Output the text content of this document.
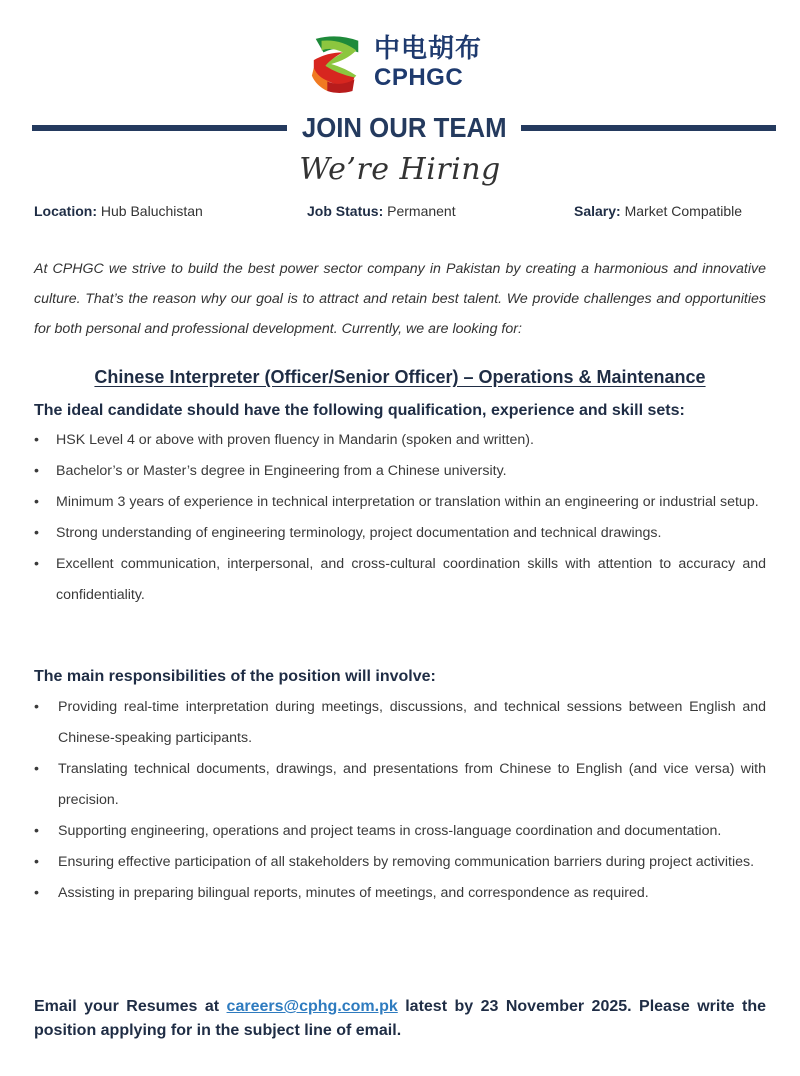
中电胡布
CPHGC
JOIN OUR TEAM
We’re Hiring
Location: Hub Baluchistan	Job Status: Permanent	Salary: Market Compatible

At CPHGC we strive to build the best power sector company in Pakistan by creating a harmonious and innovative culture. That’s the reason why our goal is to attract and retain best talent. We provide challenges and opportunities for both personal and professional development. Currently, we are looking for:

Chinese Interpreter (Officer/Senior Officer) – Operations & Maintenance
The ideal candidate should have the following qualification, experience and skill sets:
• HSK Level 4 or above with proven fluency in Mandarin (spoken and written).
• Bachelor’s or Master’s degree in Engineering from a Chinese university.
• Minimum 3 years of experience in technical interpretation or translation within an engineering or industrial setup.
• Strong understanding of engineering terminology, project documentation and technical drawings.
• Excellent communication, interpersonal, and cross-cultural coordination skills with attention to accuracy and confidentiality.
The main responsibilities of the position will involve:
• Providing real-time interpretation during meetings, discussions, and technical sessions between English and Chinese-speaking participants.
• Translating technical documents, drawings, and presentations from Chinese to English (and vice versa) with precision.
• Supporting engineering, operations and project teams in cross-language coordination and documentation.
• Ensuring effective participation of all stakeholders by removing communication barriers during project activities.
• Assisting in preparing bilingual reports, minutes of meetings, and correspondence as required.

Email your Resumes at careers@cphg.com.pk latest by 23 November 2025. Please write the position applying for in the subject line of email.
